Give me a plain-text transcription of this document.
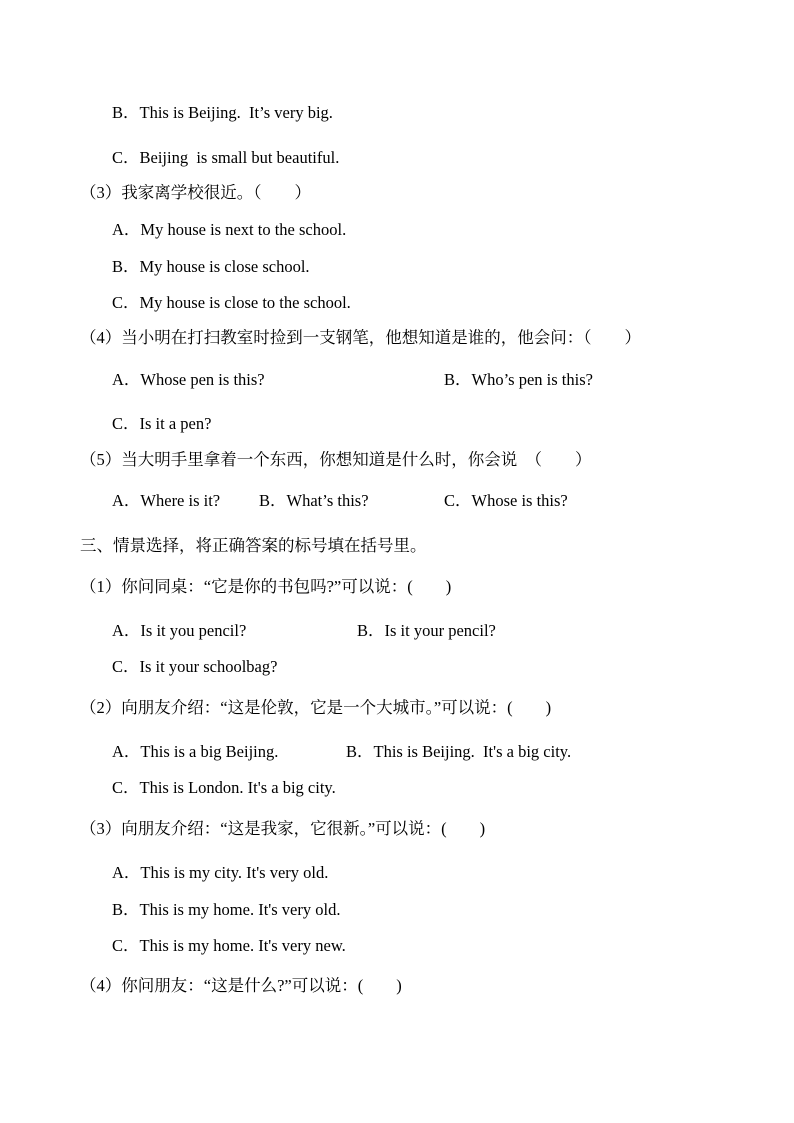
B．This is Beijing.  It’s very big.
C．Beijing  is small but beautiful.
（3）我家离学校很近。（　　）
A．My house is next to the school.
B．My house is close school.
C．My house is close to the school.
（4）当小明在打扫教室时捡到一支钢笔，他想知道是谁的，他会问：（　　）
A．Whose pen is this?	B．Who’s pen is this?
C．Is it a pen?
（5）当大明手里拿着一个东西，你想知道是什么时，你会说　（　　）
A．Where is it? B．What’s this?	C．Whose is this?
三、情景选择，将正确答案的标号填在括号里。
（1）你问同桌：“它是你的书包吗?”可以说：(　　)
A．Is it you pencil?	B．Is it your pencil?
C．Is it your schoolbag?
（2）向朋友介绍：“这是伦敦，它是一个大城市。”可以说：(　　)
A．This is a big Beijing.	B．This is Beijing.  It's a big city.
C．This is London. It's a big city.
（3）向朋友介绍：“这是我家，它很新。”可以说：(　　)
A．This is my city. It's very old.
B．This is my home. It's very old.
C．This is my home. It's very new.
（4）你问朋友：“这是什么?”可以说：(　　)
